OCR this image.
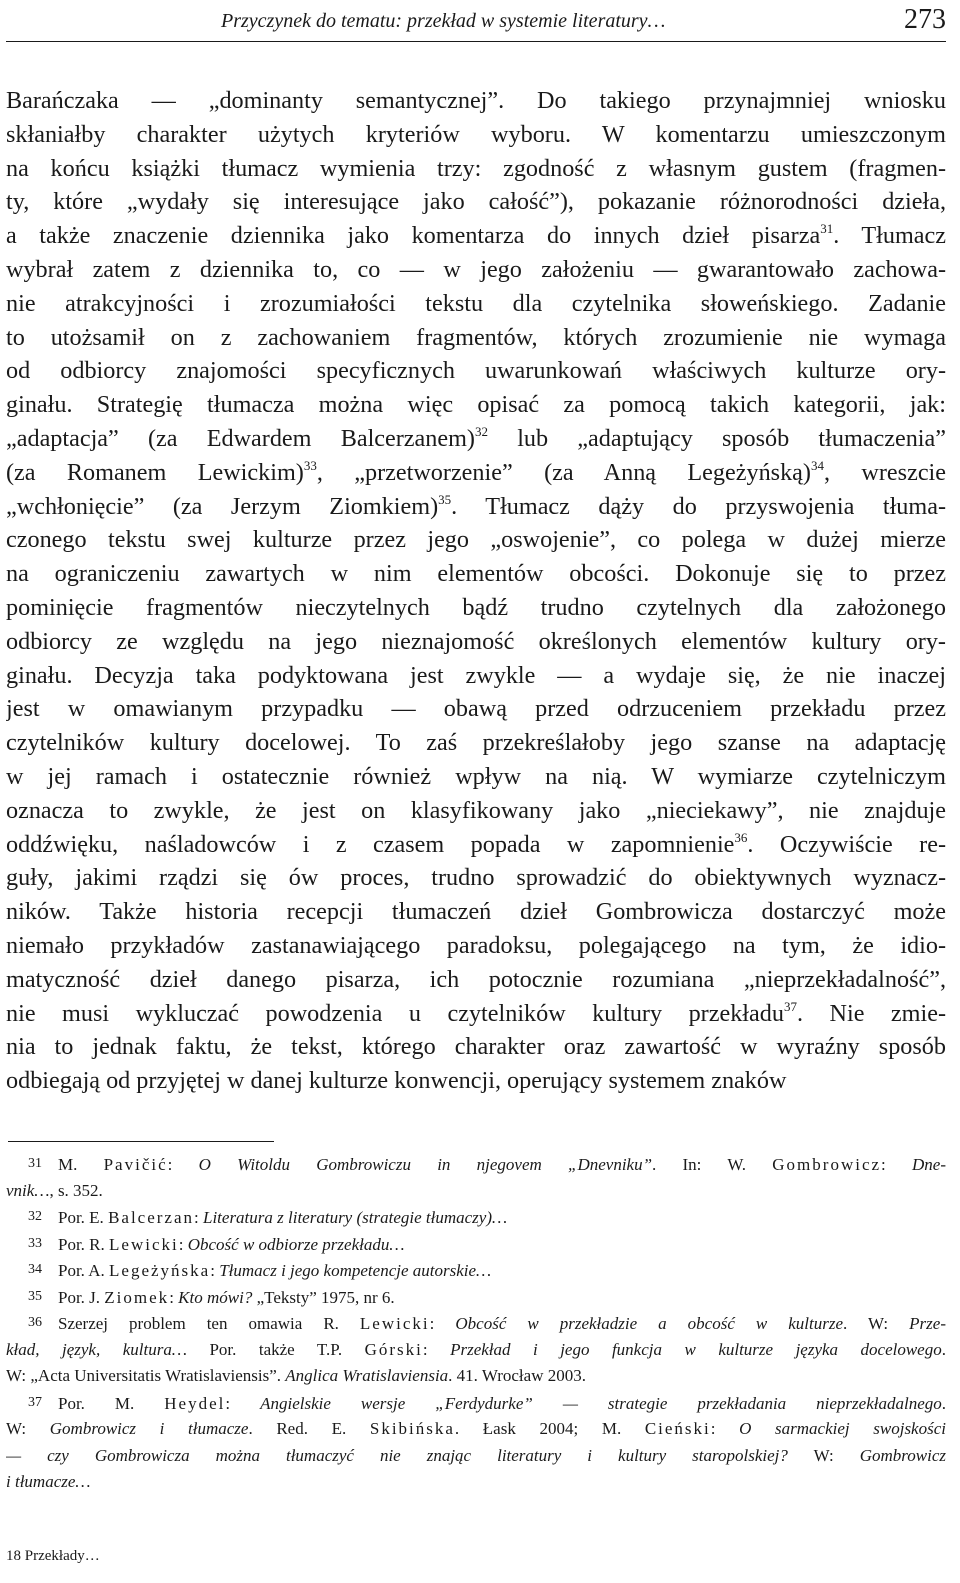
Przyczynek do tematu: przekład w systemie literatury…	273
Barańczaka — „dominanty semantycznej”. Do takiego przynajmniej wniosku
skłaniałby charakter użytych kryteriów wyboru. W komentarzu umieszczonym
na końcu książki tłumacz wymienia trzy: zgodność z własnym gustem (fragmen-
ty, które „wydały się interesujące jako całość”), pokazanie różnorodności dzieła,
a także znaczenie dziennika jako komentarza do innych dzieł pisarza$^{31}$. Tłumacz
wybrał zatem z dziennika to, co — w jego założeniu — gwarantowało zachowa-
nie atrakcyjności i zrozumiałości tekstu dla czytelnika słoweńskiego. Zadanie
to utożsamił on z zachowaniem fragmentów, których zrozumienie nie wymaga
od odbiorcy znajomości specyficznych uwarunkowań właściwych kulturze ory-
ginału. Strategię tłumacza można więc opisać za pomocą takich kategorii, jak:
„adaptacja” (za Edwardem Balcerzanem)$^{32}$ lub „adaptujący sposób tłumaczenia”
(za Romanem Lewickim)$^{33}$, „przetworzenie” (za Anną Legeżyńską)$^{34}$, wreszcie
„wchłonięcie” (za Jerzym Ziomkiem)$^{35}$. Tłumacz dąży do przyswojenia tłuma-
czonego tekstu swej kulturze przez jego „oswojenie”, co polega w dużej mierze
na ograniczeniu zawartych w nim elementów obcości. Dokonuje się to przez
pominięcie fragmentów nieczytelnych bądź trudno czytelnych dla założonego
odbiorcy ze względu na jego nieznajomość określonych elementów kultury ory-
ginału. Decyzja taka podyktowana jest zwykle — a wydaje się, że nie inaczej
jest w omawianym przypadku — obawą przed odrzuceniem przekładu przez
czytelników kultury docelowej. To zaś przekreślałoby jego szanse na adaptację
w jej ramach i ostatecznie również wpływ na nią. W wymiarze czytelniczym
oznacza to zwykle, że jest on klasyfikowany jako „nieciekawy”, nie znajduje
oddźwięku, naśladowców i z czasem popada w zapomnienie$^{36}$. Oczywiście re-
guły, jakimi rządzi się ów proces, trudno sprowadzić do obiektywnych wyznacz-
ników. Także historia recepcji tłumaczeń dzieł Gombrowicza dostarczyć może
niemało przykładów zastanawiającego paradoksu, polegającego na tym, że idio-
matyczność dzieł danego pisarza, ich potocznie rozumiana „nieprzekładalność”,
nie musi wykluczać powodzenia u czytelników kultury przekładu$^{37}$. Nie zmie-
nia to jednak faktu, że tekst, którego charakter oraz zawartość w wyraźny sposób
odbiegają od przyjętej w danej kulturze konwencji, operujący systemem znaków
31 M. Pavičić: O Witoldu Gombrowiczu in njegovem „Dnevniku”. In: W. Gombrowicz: Dne-
vnik…, s. 352.
32 Por. E. Balcerzan: Literatura z literatury (strategie tłumaczy)…
33 Por. R. Lewicki: Obcość w odbiorze przekładu…
34 Por. A. Legeżyńska: Tłumacz i jego kompetencje autorskie…
35 Por. J. Ziomek: Kto mówi? „Teksty” 1975, nr 6.
36 Szerzej problem ten omawia R. Lewicki: Obcość w przekładzie a obcość w kulturze. W: Prze-
kład, język, kultura… Por. także T.P. Górski: Przekład i jego funkcja w kulturze języka docelowego.
W: „Acta Universitatis Wratislaviensis”. Anglica Wratislaviensia. 41. Wrocław 2003.
37 Por. M. Heydel: Angielskie wersje „Ferdydurke” — strategie przekładania nieprzekładalnego.
W: Gombrowicz i tłumacze. Red. E. Skibińska. Łask 2004; M. Cieński: O sarmackiej swojskości
— czy Gombrowicza można tłumaczyć nie znając literatury i kultury staropolskiej? W: Gombrowicz
i tłumacze…
18 Przekłady…
